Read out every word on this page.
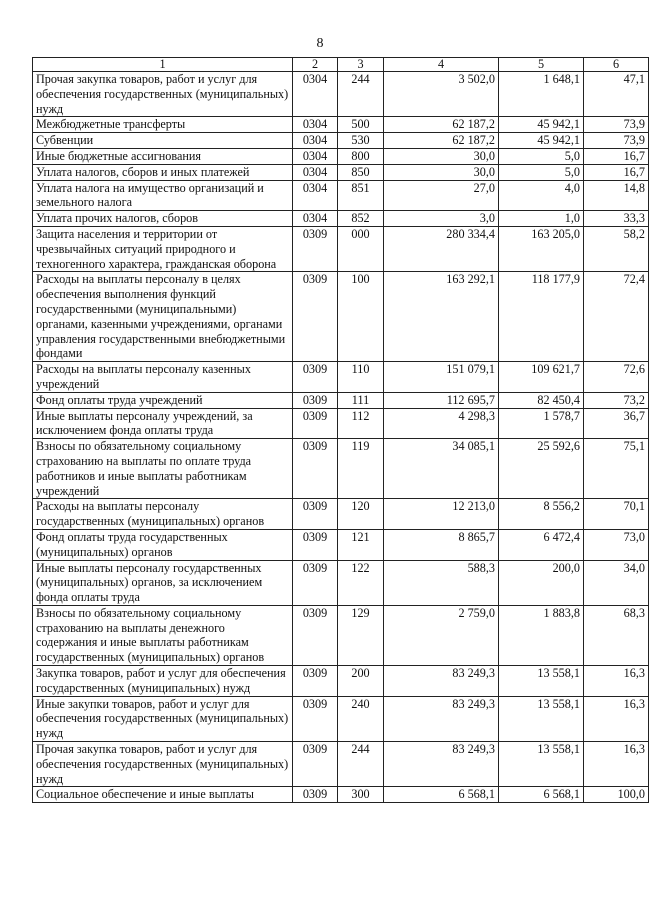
8
1	2	3	4	5	6
Прочая закупка товаров, работ и услуг для обеспечения государственных (муниципальных) нужд	0304	244	3 502,0	1 648,1	47,1
Межбюджетные трансферты	0304	500	62 187,2	45 942,1	73,9
Субвенции	0304	530	62 187,2	45 942,1	73,9
Иные бюджетные ассигнования	0304	800	30,0	5,0	16,7
Уплата налогов, сборов и иных платежей	0304	850	30,0	5,0	16,7
Уплата налога на имущество организаций и земельного налога	0304	851	27,0	4,0	14,8
Уплата прочих налогов, сборов	0304	852	3,0	1,0	33,3
Защита населения и территории от чрезвычайных ситуаций природного и техногенного характера, гражданская оборона	0309	000	280 334,4	163 205,0	58,2
Расходы на выплаты персоналу в целях обеспечения выполнения функций государственными (муниципальными) органами, казенными учреждениями, органами управления государственными внебюджетными фондами	0309	100	163 292,1	118 177,9	72,4
Расходы на выплаты персоналу казенных учреждений	0309	110	151 079,1	109 621,7	72,6
Фонд оплаты труда учреждений	0309	111	112 695,7	82 450,4	73,2
Иные выплаты персоналу учреждений, за исключением фонда оплаты труда	0309	112	4 298,3	1 578,7	36,7
Взносы по обязательному социальному страхованию на выплаты по оплате труда работников и иные выплаты работникам учреждений	0309	119	34 085,1	25 592,6	75,1
Расходы на выплаты персоналу государственных (муниципальных) органов	0309	120	12 213,0	8 556,2	70,1
Фонд оплаты труда государственных (муниципальных) органов	0309	121	8 865,7	6 472,4	73,0
Иные выплаты персоналу государственных (муниципальных) органов, за исключением фонда оплаты труда	0309	122	588,3	200,0	34,0
Взносы по обязательному социальному страхованию на выплаты денежного содержания и иные выплаты работникам государственных (муниципальных) органов	0309	129	2 759,0	1 883,8	68,3
Закупка товаров, работ и услуг для обеспечения государственных (муниципальных) нужд	0309	200	83 249,3	13 558,1	16,3
Иные закупки товаров, работ и услуг для обеспечения государственных (муниципальных) нужд	0309	240	83 249,3	13 558,1	16,3
Прочая закупка товаров, работ и услуг для обеспечения государственных (муниципальных) нужд	0309	244	83 249,3	13 558,1	16,3
Социальное обеспечение и иные выплаты	0309	300	6 568,1	6 568,1	100,0
